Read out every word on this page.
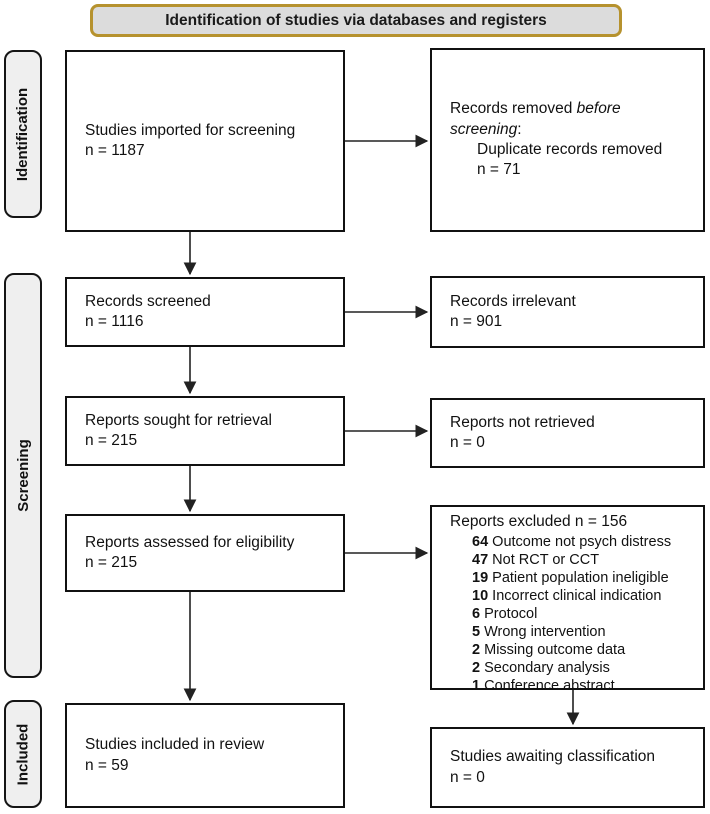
Identification of studies via databases and registers
Identification
Screening
Included
Studies imported for screening
n = 1187
Records screened
n = 1116
Reports sought for retrieval
n = 215
Reports assessed for eligibility
n = 215
Studies included in review
n = 59
Records removed before
screening:
Duplicate records removed
n = 71
Records irrelevant
n = 901
Reports not retrieved
n = 0
Reports excluded n = 156
64 Outcome not psych distress
47 Not RCT or CCT
19 Patient population ineligible
10 Incorrect clinical indication
6 Protocol
5 Wrong intervention
2 Missing outcome data
2 Secondary analysis
1 Conference abstract
Studies awaiting classification
n = 0
